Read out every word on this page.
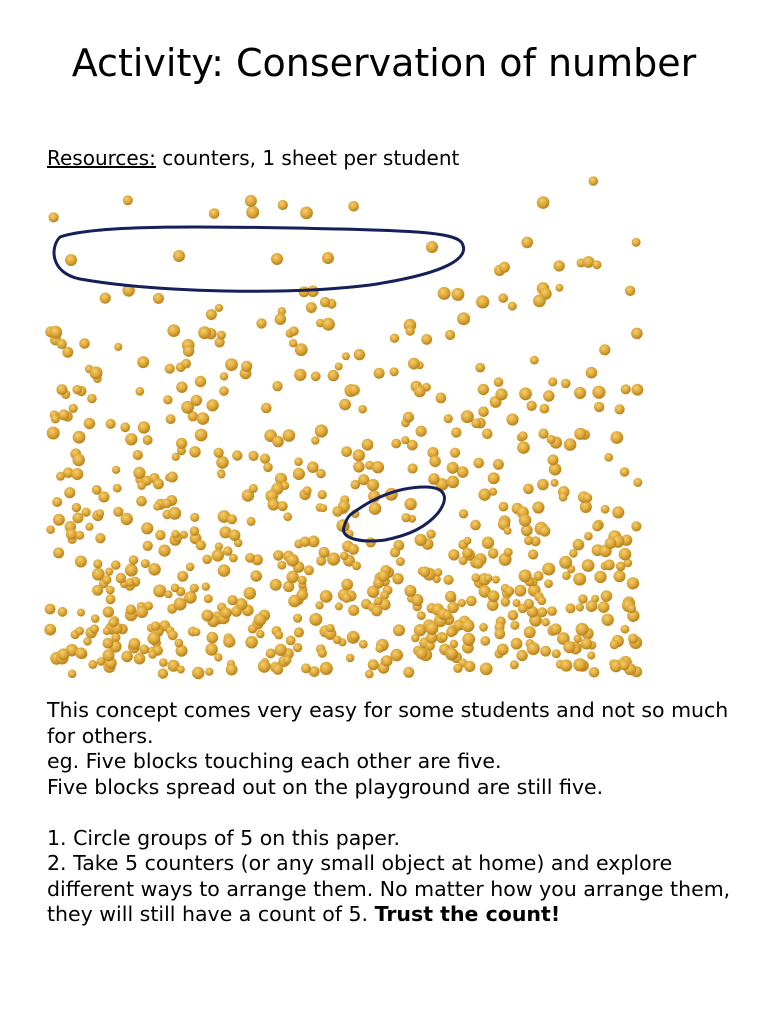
Activity: Conservation of number
Resources: counters, 1 sheet per student

This concept comes very easy for some students and not so much for others.

eg. Five blocks touching each other are five.

Five blocks spread out on the playground are still five.

1. Circle groups of 5 on this paper.

2. Take 5 counters (or any small object at home) and explore different ways to arrange them. No matter how you arrange them, they will still have a count of 5. Trust the count!
